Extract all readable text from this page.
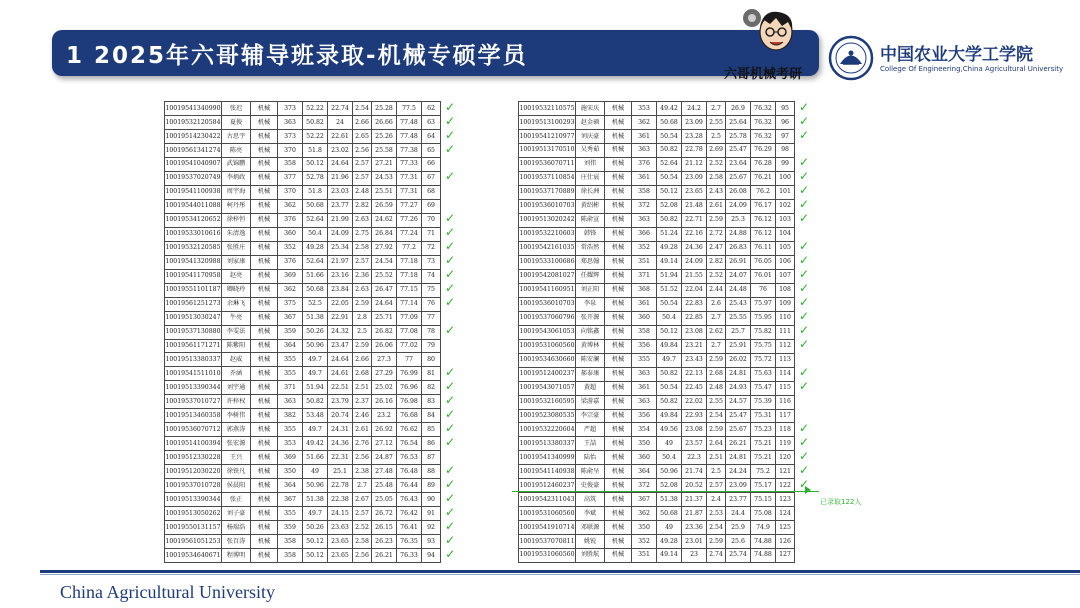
1 2025年六哥辅导班录取-机械专硕学员
六哥机械考研
中国农业大学工学院
College Of Engineering,China Agricultural University
10019541340990	张迟	机械	373	52.22	22.74	2.54	25.28	77.5	62	✓
10019532120584	夏俊	机械	363	50.82	24	2.66	26.66	77.48	63	✓
10019514230422	古思宇	机械	373	52.22	22.61	2.65	25.26	77.48	64	✓
10019561341274	陈亮	机械	370	51.8	23.02	2.56	25.58	77.38	65	✓
10019541040907	武锦鹏	机械	358	50.12	24.64	2.57	27.21	77.33	66	
10019537020749	李炳政	机械	377	52.78	21.96	2.57	24.53	77.31	67	✓
10019541100938	周宇海	机械	370	51.8	23.03	2.48	25.51	77.31	68	
10019544011088	柯丹彤	机械	362	50.68	23.77	2.82	26.59	77.27	69	
10019534120652	徐梓恒	机械	376	52.64	21.99	2.63	24.62	77.26	70	✓
10019533010616	朱清逸	机械	360	50.4	24.09	2.75	26.84	77.24	71	✓
10019532120585	张胜庄	机械	352	49.28	25.34	2.58	27.92	77.2	72	✓
10019541320988	刘家康	机械	376	52.64	21.97	2.57	24.54	77.18	73	✓
10019541170958	赵亮	机械	369	51.66	23.16	2.36	25.52	77.18	74	✓
10019551101187	卿晓玲	机械	362	50.68	23.84	2.63	26.47	77.15	75	✓
10019561251273	余琳飞	机械	375	52.5	22.05	2.59	24.64	77.14	76	✓
10019513030247	牛亮	机械	367	51.38	22.91	2.8	25.71	77.09	77	
10019537130880	李雯法	机械	359	50.26	24.32	2.5	26.82	77.08	78	✓
10019561171271	陈紫阳	机械	364	50.96	23.47	2.59	26.06	77.02	79	
10019513380337	赵威	机械	355	49.7	24.64	2.66	27.3	77	80	
10019541511010	乔涵	机械	355	49.7	24.61	2.68	27.29	76.99	81	✓
10019513390344	刘宇通	机械	371	51.94	22.51	2.51	25.02	76.96	82	✓
10019537010727	许梓权	机械	363	50.82	23.79	2.37	26.16	76.98	83	✓
10019513460358	李树伟	机械	382	53.48	20.74	2.46	23.2	76.68	84	✓
10019536070712	郭燕涛	机械	355	49.7	24.31	2.61	26.92	76.62	85	✓
10019514100394	张宏源	机械	353	49.42	24.36	2.76	27.12	76.54	86	✓
10019512330228	王兴	机械	369	51.66	22.31	2.56	24.87	76.53	87	
10019512030220	徐铁凡	机械	350	49	25.1	2.38	27.48	76.48	88	✓
10019537010728	侯晨阳	机械	364	50.96	22.78	2.7	25.48	76.44	89	✓
10019513390344	张正	机械	367	51.38	22.38	2.67	25.05	76.43	90	✓
10019513050262	刘子豪	机械	355	49.7	24.15	2.57	26.72	76.42	91	✓
10019550131157	杨瑞浩	机械	359	50.26	23.63	2.52	26.15	76.41	92	✓
10019561051253	张百涛	机械	358	50.12	23.65	2.58	26.23	76.35	93	✓
10019534640671	程博明	机械	358	50.12	23.65	2.56	26.21	76.33	94	✓
10019532110575	施宋庆	机械	353	49.42	24.2	2.7	26.9	76.32	95	✓
10019513100293	赵金硕	机械	362	50.68	23.09	2.55	25.64	76.32	96	✓
10019541210977	刘庆豪	机械	361	50.54	23.28	2.5	25.78	76.32	97	✓
10019513170510	吴秀茹	机械	363	50.82	22.78	2.69	25.47	76.29	98	
10019536070711	刘伟	机械	376	52.64	21.12	2.52	23.64	76.28	99	✓
10019537110854	庄仕宸	机械	361	50.54	23.09	2.58	25.67	76.21	100	✓
10019537170889	徐长洲	机械	358	50.12	23.65	2.43	26.08	76.2	101	✓
10019536010703	黄绍彬	机械	372	52.08	21.48	2.61	24.09	76.17	102	✓
10019513020242	陈俞宣	机械	363	50.82	22.71	2.59	25.3	76.12	103	✓
10019532210603	韩锋	机械	366	51.24	22.16	2.72	24.88	76.12	104	
10019542161035	常浩然	机械	352	49.28	24.36	2.47	26.83	76.11	105	✓
10019533100686	郑思翰	机械	351	49.14	24.09	2.82	26.91	76.05	106	✓
10019542081027	任耀辉	机械	371	51.94	21.55	2.52	24.07	76.01	107	✓
10019541160951	刘正阳	机械	368	51.52	22.04	2.44	24.48	76	108	✓
10019536010703	李泉	机械	361	50.54	22.83	2.6	25.43	75.97	109	✓
10019537060796	张开源	机械	360	50.4	22.85	2.7	25.55	75.95	110	✓
10019543061053	向铭鑫	机械	358	50.12	23.08	2.62	25.7	75.82	111	✓
10019531060560	黄博林	机械	356	49.84	23.21	2.7	25.91	75.75	112	✓
10019534630660	陈安澜	机械	355	49.7	23.43	2.59	26.02	75.72	113	
10019512400237	郝泰康	机械	363	50.82	22.13	2.68	24.81	75.63	114	✓
10019543071057	黄超	机械	361	50.54	22.45	2.48	24.93	75.47	115	✓
10019532160595	梁游嘉	机械	363	50.82	22.02	2.55	24.57	75.39	116	
10019523080535	李宗豪	机械	356	49.84	22.93	2.54	25.47	75.31	117	
10019532220604	严超	机械	354	49.56	23.08	2.59	25.67	75.23	118	✓
10019513380337	王喆	机械	350	49	23.57	2.64	26.21	75.21	119	✓
10019541340999	陆怡	机械	360	50.4	22.3	2.51	24.81	75.21	120	✓
10019541140938	陈俞呈	机械	364	50.96	21.74	2.5	24.24	75.2	121	✓
10019512460237	史俊豪	机械	372	52.08	20.52	2.57	23.09	75.17	122	✓
10019542311043	高筑	机械	367	51.38	21.37	2.4	23.77	75.15	123	
10019531060560	李斌	机械	362	50.68	21.87	2.53	24.4	75.08	124	
10019541910714	邓联源	机械	350	49	23.36	2.54	25.9	74.9	125	
10019537070811	姚锐	机械	352	49.28	23.01	2.59	25.6	74.88	126	
10019531060560	刘胜航	机械	351	49.14	23	2.74	25.74	74.88	127	
已录取122人
China Agricultural University
